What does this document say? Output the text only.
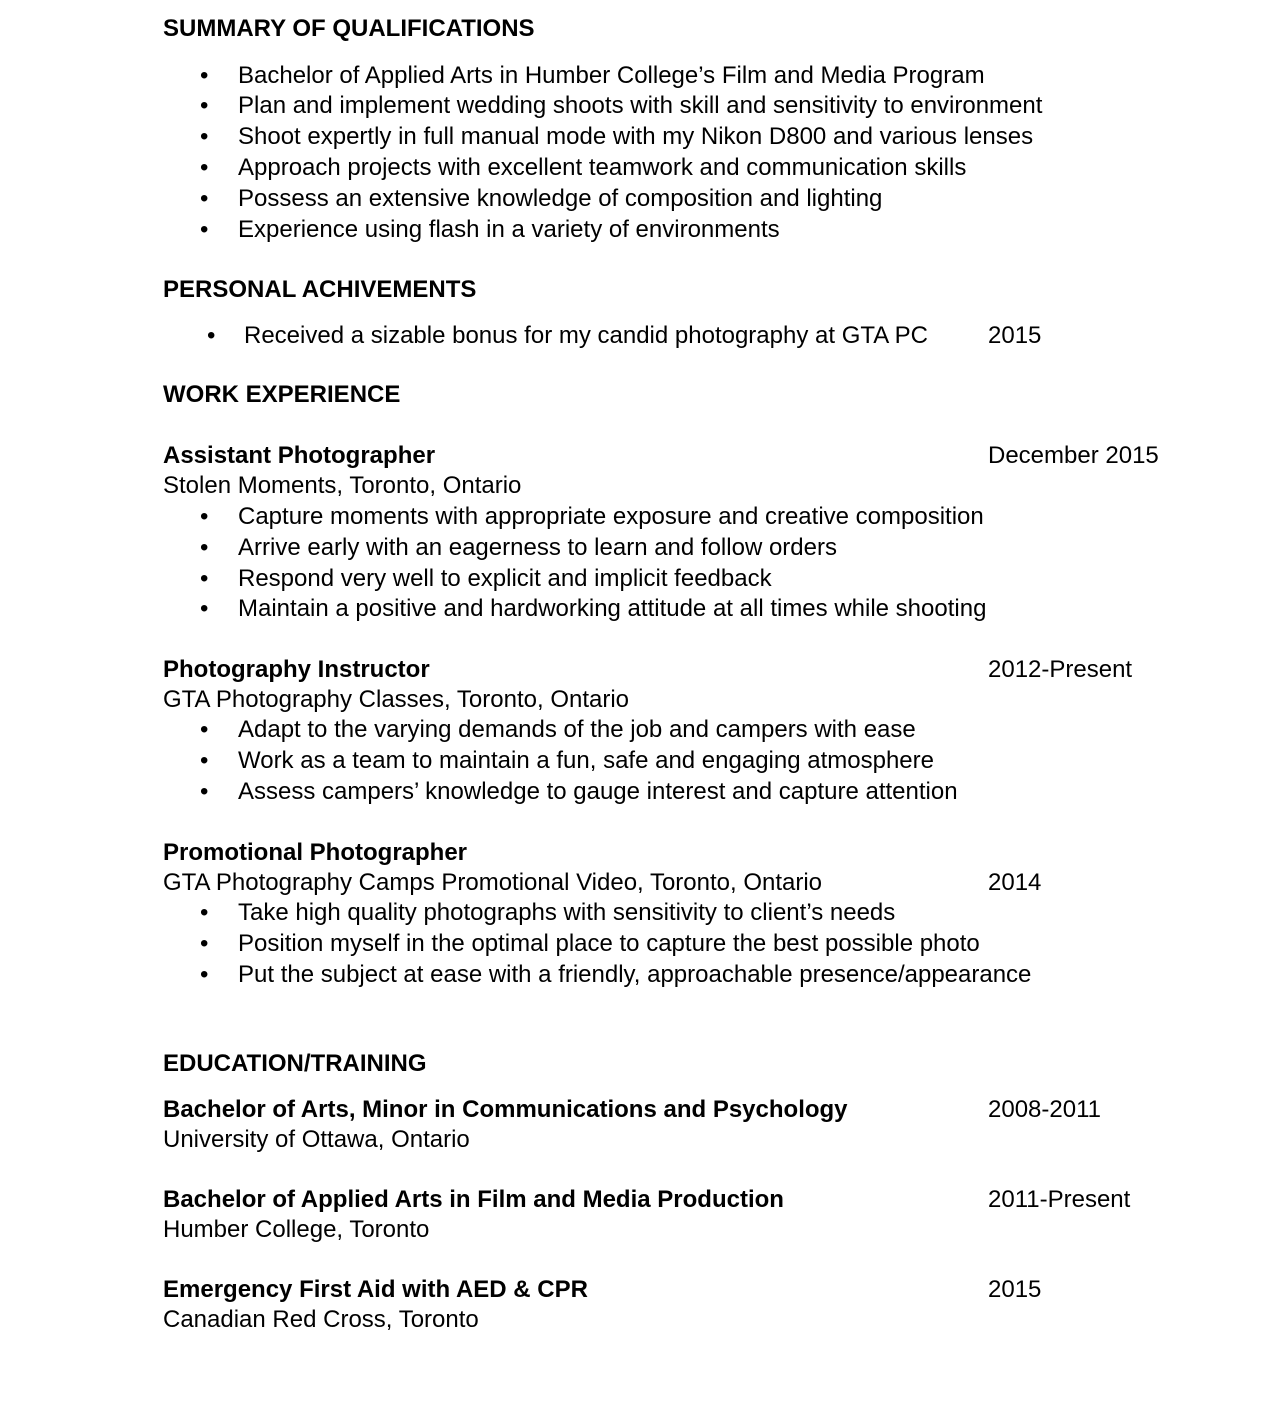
SUMMARY OF QUALIFICATIONS
• Bachelor of Applied Arts in Humber College’s Film and Media Program
• Plan and implement wedding shoots with skill and sensitivity to environment
• Shoot expertly in full manual mode with my Nikon D800 and various lenses
• Approach projects with excellent teamwork and communication skills
• Possess an extensive knowledge of composition and lighting
• Experience using flash in a variety of environments
PERSONAL ACHIVEMENTS
• Received a sizable bonus for my candid photography at GTA PC	2015
WORK EXPERIENCE
Assistant Photographer	December 2015
Stolen Moments, Toronto, Ontario
• Capture moments with appropriate exposure and creative composition
• Arrive early with an eagerness to learn and follow orders
• Respond very well to explicit and implicit feedback
• Maintain a positive and hardworking attitude at all times while shooting
Photography Instructor	2012-Present
GTA Photography Classes, Toronto, Ontario
• Adapt to the varying demands of the job and campers with ease
• Work as a team to maintain a fun, safe and engaging atmosphere
• Assess campers’ knowledge to gauge interest and capture attention
Promotional Photographer
GTA Photography Camps Promotional Video, Toronto, Ontario	2014
• Take high quality photographs with sensitivity to client’s needs
• Position myself in the optimal place to capture the best possible photo
• Put the subject at ease with a friendly, approachable presence/appearance
EDUCATION/TRAINING
Bachelor of Arts, Minor in Communications and Psychology	2008-2011
University of Ottawa, Ontario
Bachelor of Applied Arts in Film and Media Production	2011-Present
Humber College, Toronto
Emergency First Aid with AED & CPR	2015
Canadian Red Cross, Toronto
